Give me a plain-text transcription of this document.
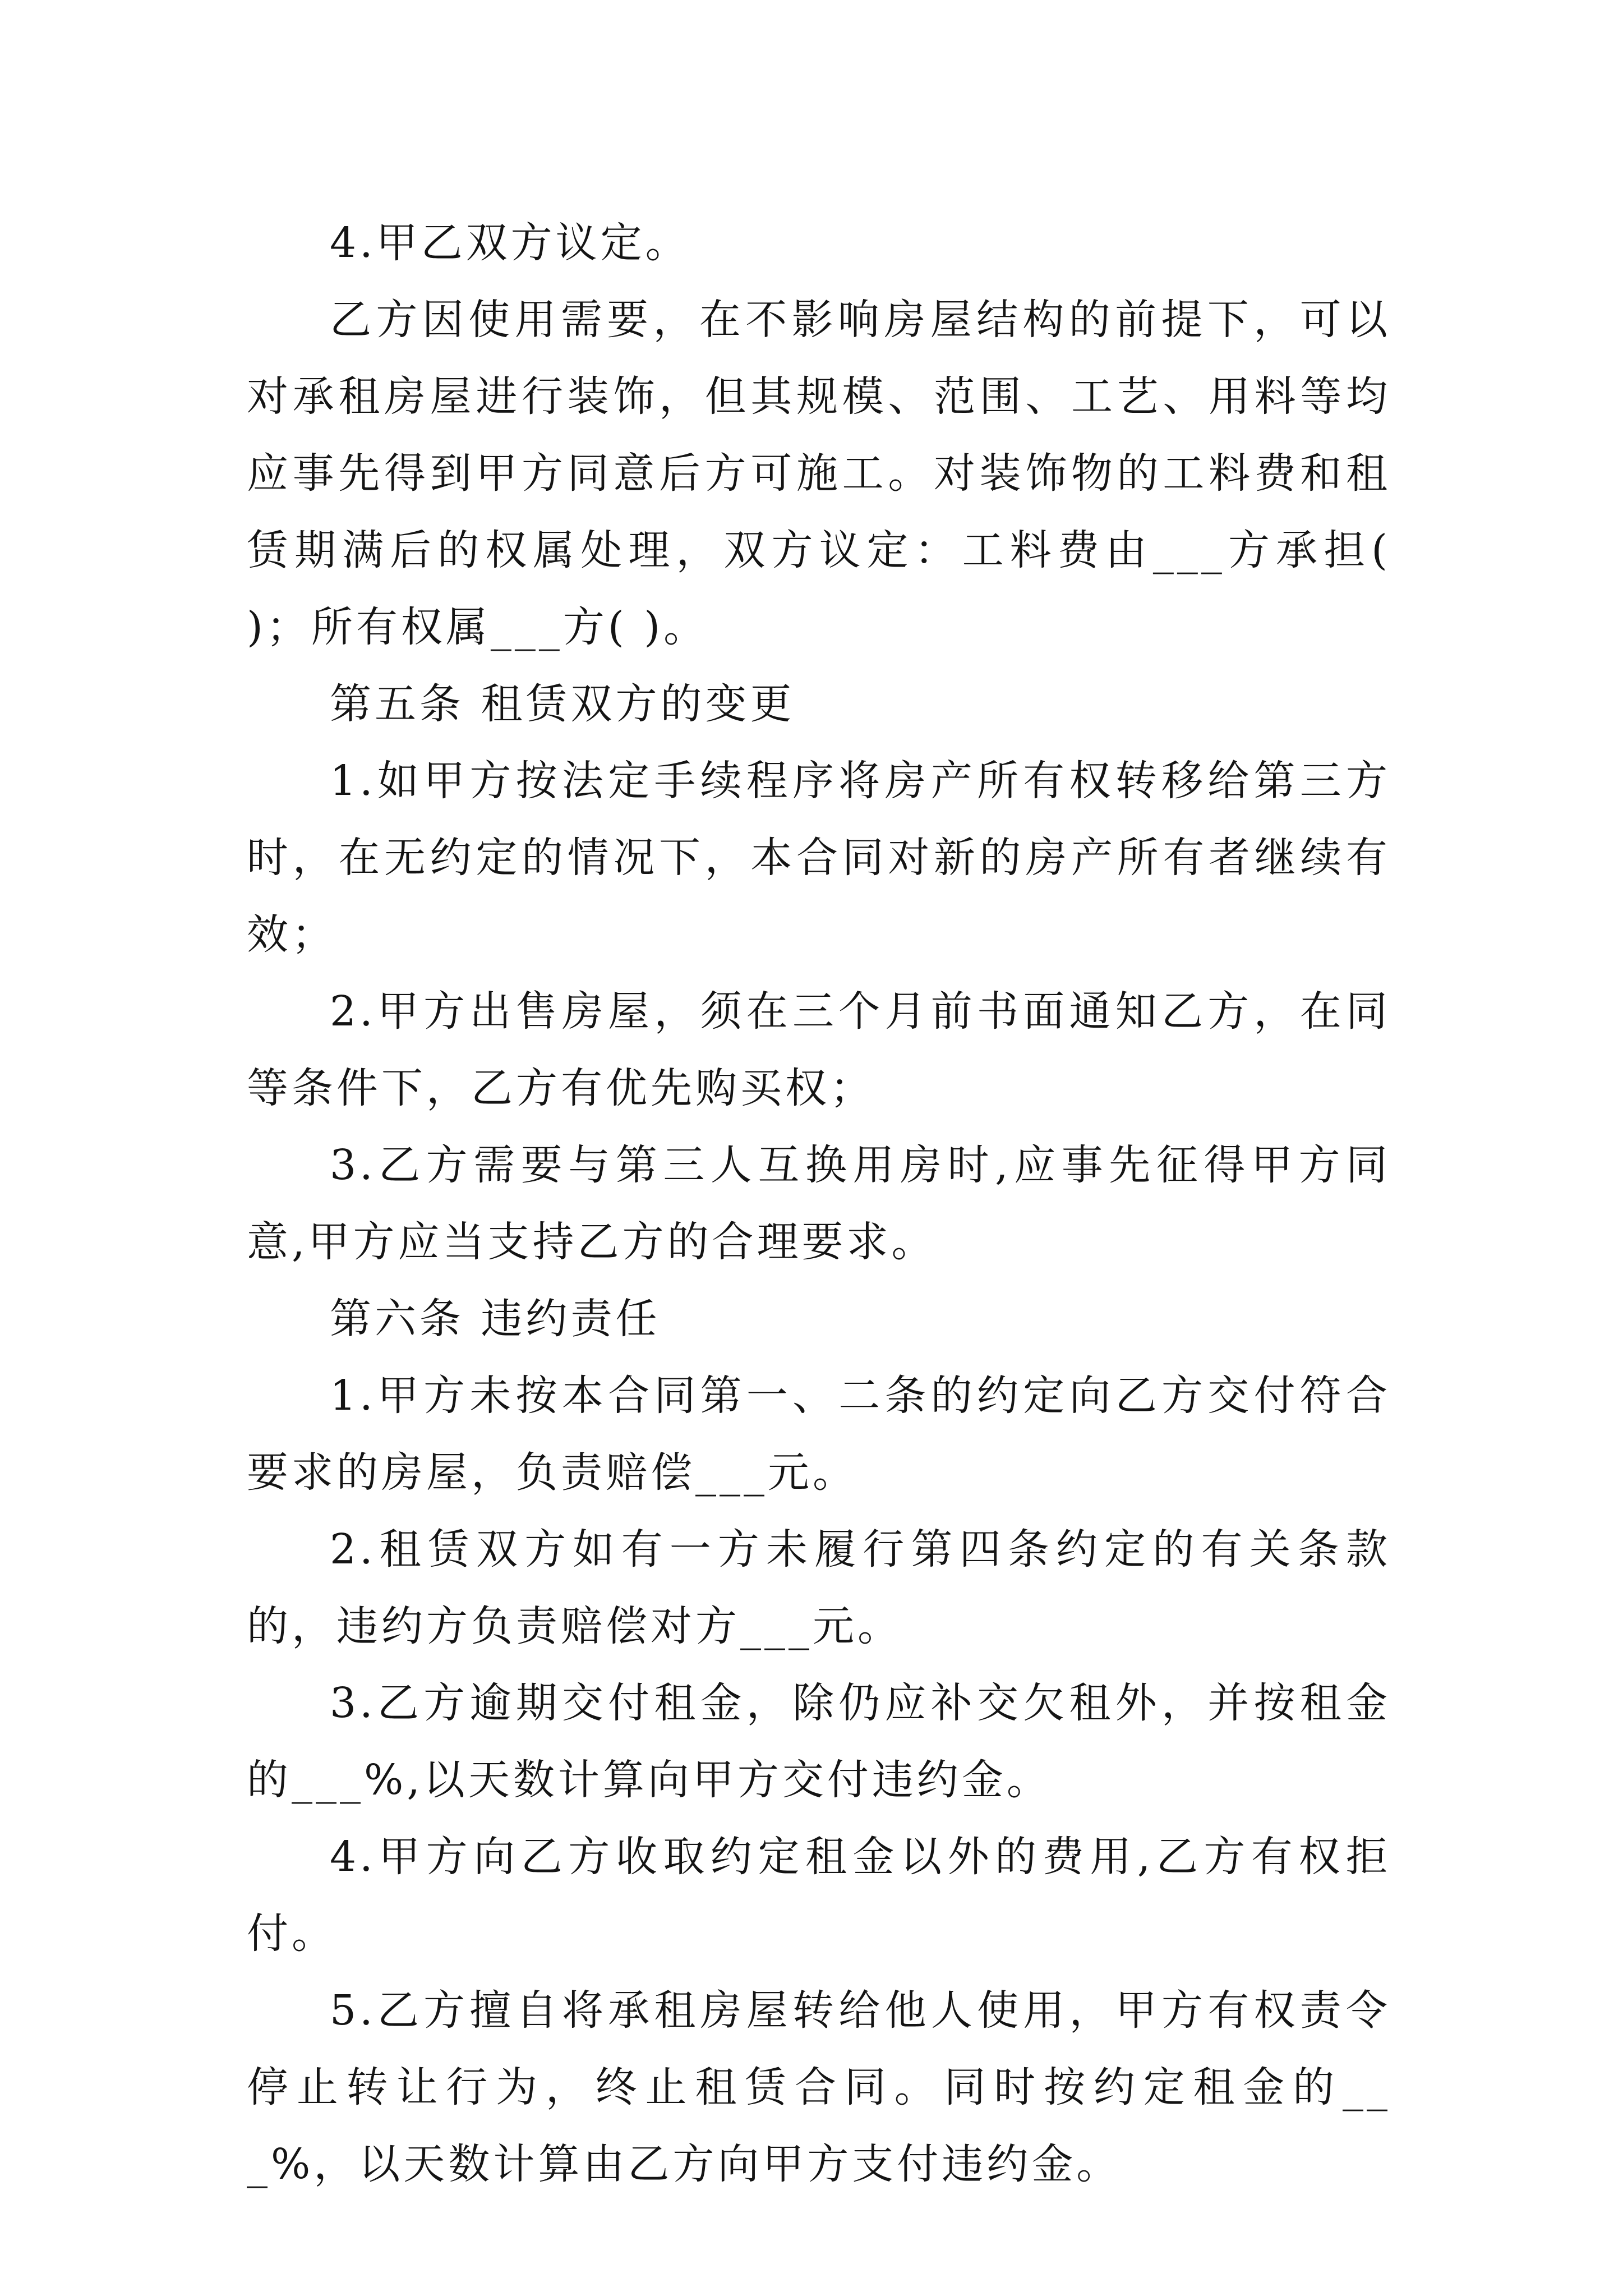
4.甲乙双方议定。

乙方因使用需要，在不影响房屋结构的前提下，可以对承租房屋进行装饰，但其规模、范围、工艺、用料等均应事先得到甲方同意后方可施工。对装饰物的工料费和租赁期满后的权属处理，双方议定：工料费由___方承担( )；所有权属___方( )。

第五条 租赁双方的变更

1.如甲方按法定手续程序将房产所有权转移给第三方时，在无约定的情况下，本合同对新的房产所有者继续有效；

2.甲方出售房屋，须在三个月前书面通知乙方，在同等条件下，乙方有优先购买权；

3.乙方需要与第三人互换用房时,应事先征得甲方同意,甲方应当支持乙方的合理要求。

第六条 违约责任

1.甲方未按本合同第一、二条的约定向乙方交付符合要求的房屋，负责赔偿___元。

2.租赁双方如有一方未履行第四条约定的有关条款的，违约方负责赔偿对方___元。

3.乙方逾期交付租金，除仍应补交欠租外，并按租金的___%,以天数计算向甲方交付违约金。

4.甲方向乙方收取约定租金以外的费用,乙方有权拒付。

5.乙方擅自将承租房屋转给他人使用，甲方有权责令停止转让行为，终止租赁合同。同时按约定租金的___%，以天数计算由乙方向甲方支付违约金。
